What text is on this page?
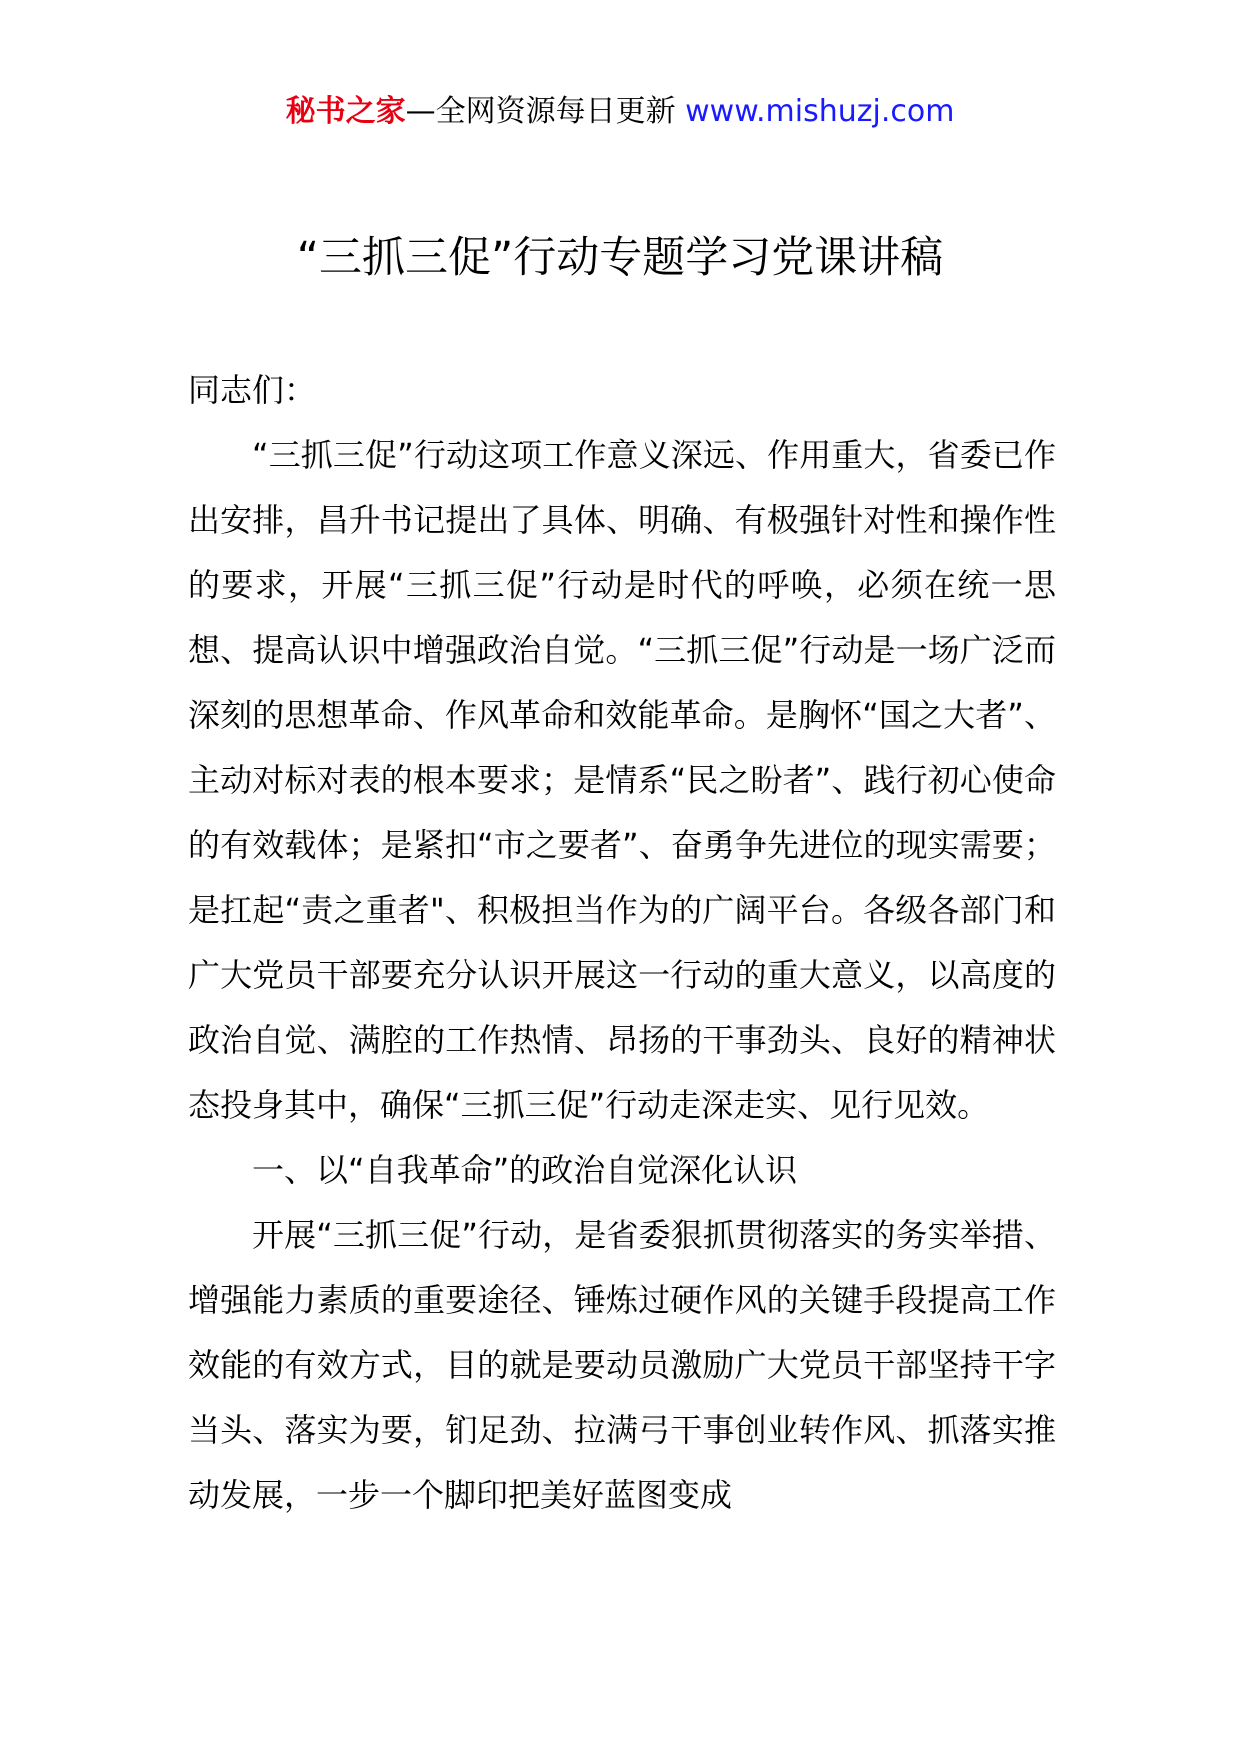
秘书之家—全网资源每日更新 www.mishuzj.com
“三抓三促”行动专题学习党课讲稿

同志们：

“三抓三促”行动这项工作意义深远、作用重大，省委已作出安排，昌升书记提出了具体、明确、有极强针对性和操作性的要求，开展“三抓三促”行动是时代的呼唤，必须在统一思想、提高认识中增强政治自觉。“三抓三促”行动是一场广泛而深刻的思想革命、作风革命和效能革命。是胸怀“国之大者”、主动对标对表的根本要求；是情系“民之盼者”、践行初心使命的有效载体；是紧扣“市之要者”、奋勇争先进位的现实需要；是扛起“责之重者"、积极担当作为的广阔平台。各级各部门和广大党员干部要充分认识开展这一行动的重大意义，以高度的政治自觉、满腔的工作热情、昂扬的干事劲头、良好的精神状态投身其中，确保“三抓三促”行动走深走实、见行见效。

一、以“自我革命”的政治自觉深化认识

开展“三抓三促”行动，是省委狠抓贯彻落实的务实举措、增强能力素质的重要途径、锤炼过硬作风的关键手段提高工作效能的有效方式，目的就是要动员激励广大党员干部坚持干字当头、落实为要，钔足劲、拉满弓干事创业转作风、抓落实推动发展，一步一个脚印把美好蓝图变成
